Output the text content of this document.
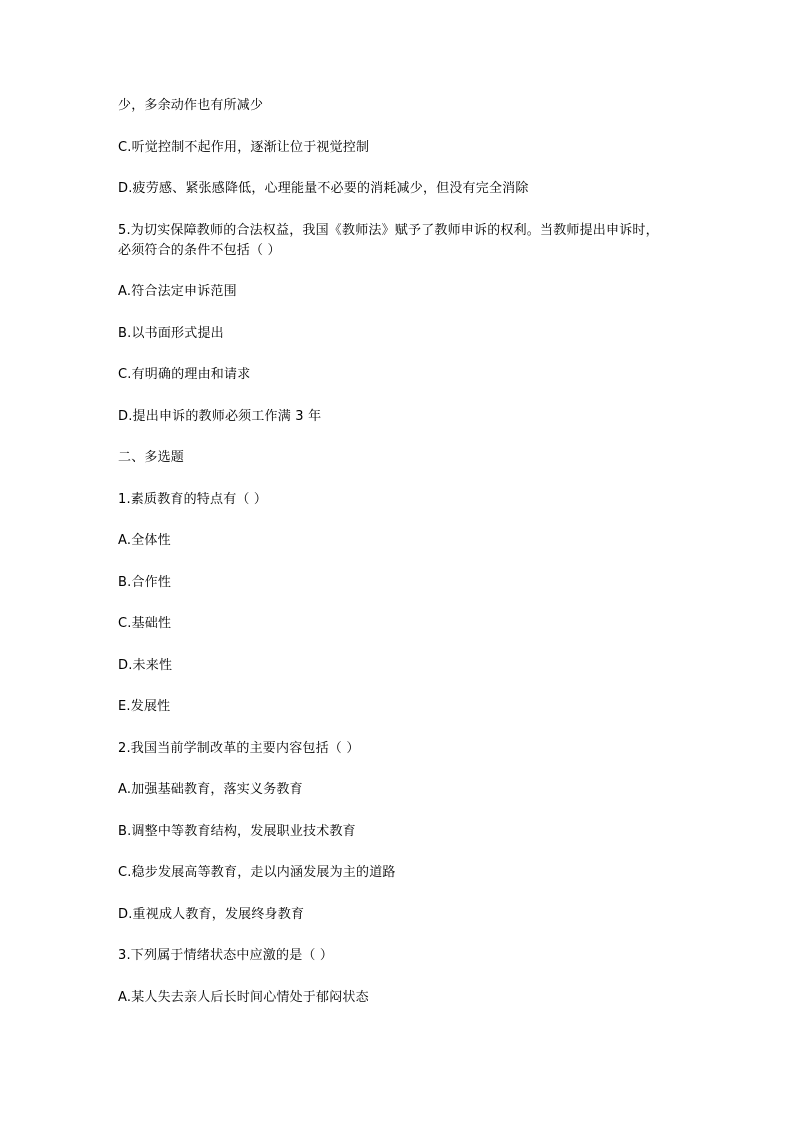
少，多余动作也有所减少

C.听觉控制不起作用，逐渐让位于视觉控制

D.疲劳感、紧张感降低，心理能量不必要的消耗减少，但没有完全消除

5.为切实保障教师的合法权益，我国《教师法》赋予了教师申诉的权利。当教师提出申诉时，必须符合的条件不包括（ ）

A.符合法定申诉范围

B.以书面形式提出

C.有明确的理由和请求

D.提出申诉的教师必须工作满 3 年

二、多选题

1.素质教育的特点有（ ）

A.全体性

B.合作性

C.基础性

D.未来性

E.发展性

2.我国当前学制改革的主要内容包括（ ）

A.加强基础教育，落实义务教育

B.调整中等教育结构，发展职业技术教育

C.稳步发展高等教育，走以内涵发展为主的道路

D.重视成人教育，发展终身教育

3.下列属于情绪状态中应激的是（ ）

A.某人失去亲人后长时间心情处于郁闷状态
